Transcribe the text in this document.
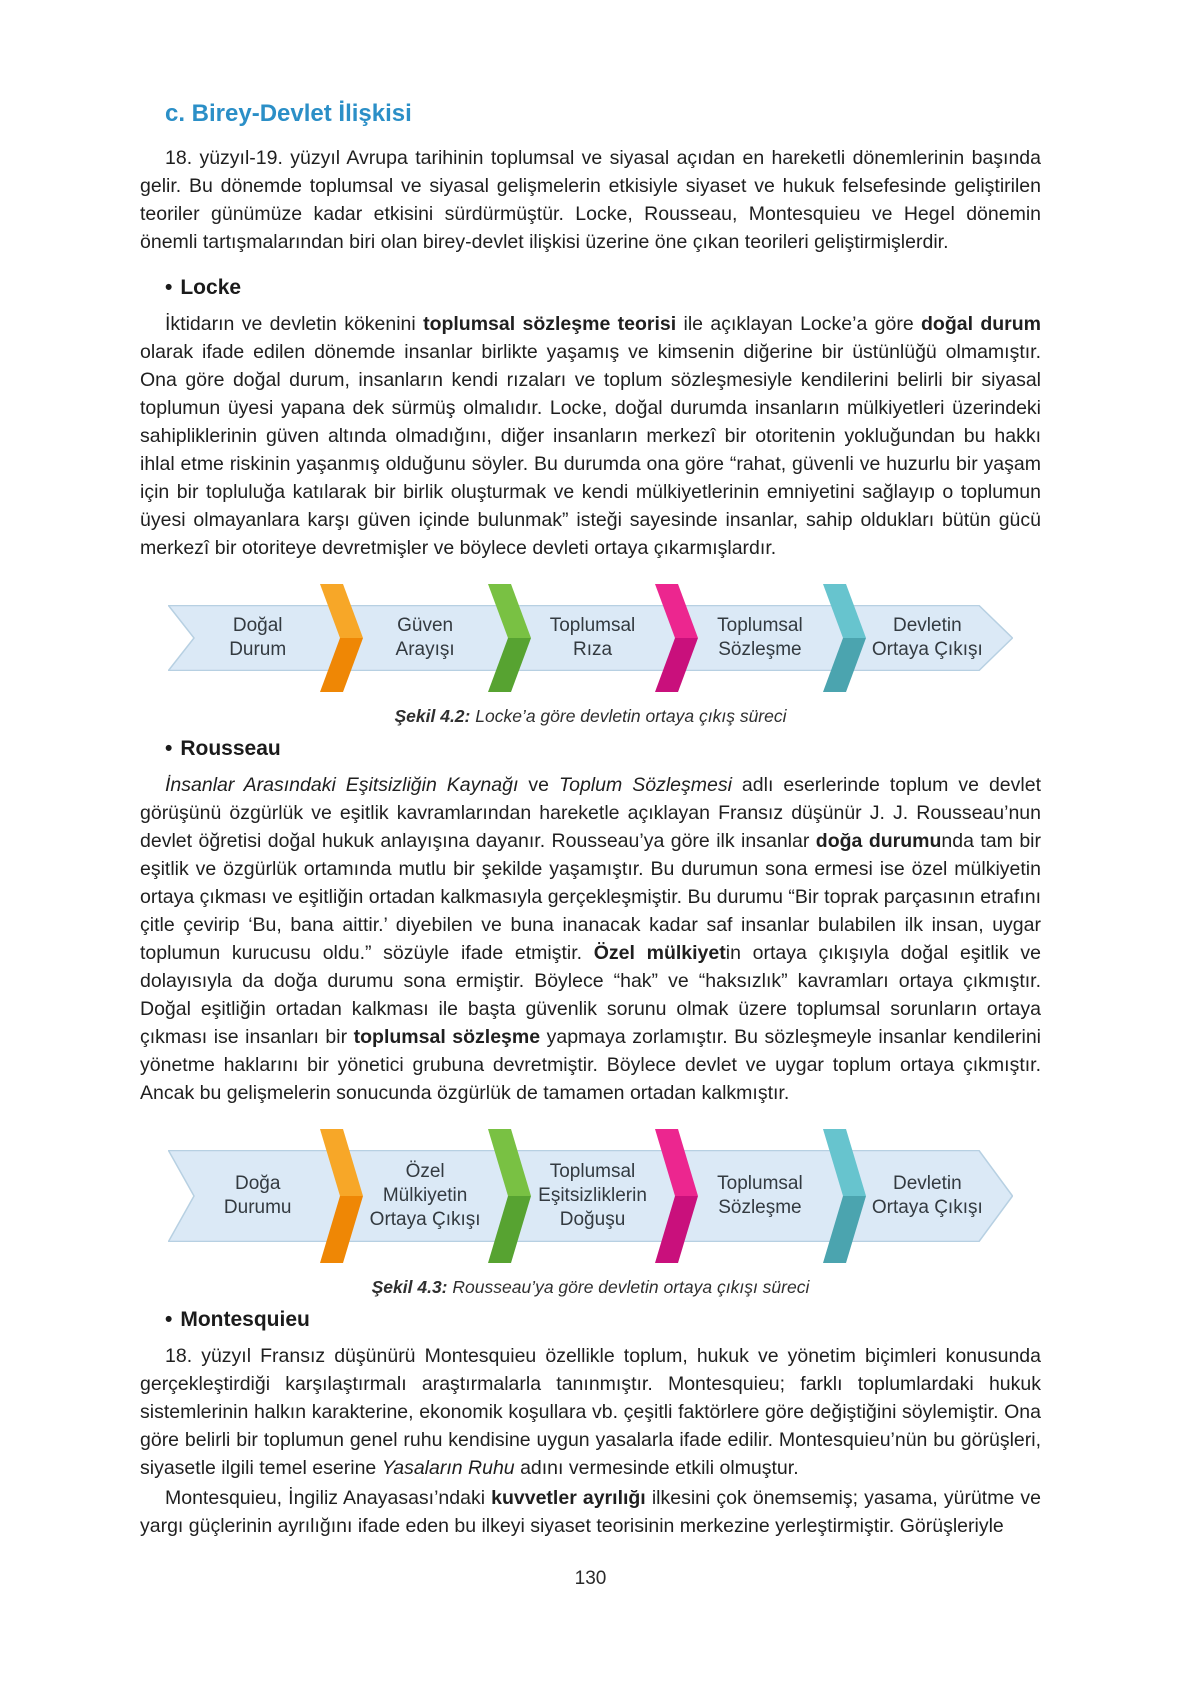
c. Birey-Devlet İlişkisi

18. yüzyıl-19. yüzyıl Avrupa tarihinin toplumsal ve siyasal açıdan en hareketli dönemlerinin başında gelir. Bu dönemde toplumsal ve siyasal gelişmelerin etkisiyle siyaset ve hukuk felsefesinde geliştirilen teoriler günümüze kadar etkisini sürdürmüştür. Locke, Rousseau, Montesquieu ve Hegel dönemin önemli tartışmalarından biri olan birey-devlet ilişkisi üzerine öne çıkan teorileri geliştirmişlerdir.

• Locke

İktidarın ve devletin kökenini toplumsal sözleşme teorisi ile açıklayan Locke’a göre doğal durum olarak ifade edilen dönemde insanlar birlikte yaşamış ve kimsenin diğerine bir üstünlüğü olmamıştır. Ona göre doğal durum, insanların kendi rızaları ve toplum sözleşmesiyle kendilerini belirli bir siyasal toplumun üyesi yapana dek sürmüş olmalıdır. Locke, doğal durumda insanların mülkiyetleri üzerindeki sahipliklerinin güven altında olmadığını, diğer insanların merkezî bir otoritenin yokluğundan bu hakkı ihlal etme riskinin yaşanmış olduğunu söyler. Bu durumda ona göre “rahat, güvenli ve huzurlu bir yaşam için bir topluluğa katılarak bir birlik oluşturmak ve kendi mülkiyetlerinin emniyetini sağlayıp o toplumun üyesi olmayanlara karşı güven içinde bulunmak” isteği sayesinde insanlar, sahip oldukları bütün gücü merkezî bir otoriteye devretmişler ve böylece devleti ortaya çıkarmışlardır.

Doğal Durum
Güven Arayışı
Toplumsal Rıza
Toplumsal Sözleşme
Devletin Ortaya Çıkışı
Şekil 4.2: Locke’a göre devletin ortaya çıkış süreci
• Rousseau

İnsanlar Arasındaki Eşitsizliğin Kaynağı ve Toplum Sözleşmesi adlı eserlerinde toplum ve devlet görüşünü özgürlük ve eşitlik kavramlarından hareketle açıklayan Fransız düşünür J. J. Rousseau’nun devlet öğretisi doğal hukuk anlayışına dayanır. Rousseau’ya göre ilk insanlar doğa durumunda tam bir eşitlik ve özgürlük ortamında mutlu bir şekilde yaşamıştır. Bu durumun sona ermesi ise özel mülkiyetin ortaya çıkması ve eşitliğin ortadan kalkmasıyla gerçekleşmiştir. Bu durumu “Bir toprak parçasının etrafını çitle çevirip ‘Bu, bana aittir.’ diyebilen ve buna inanacak kadar saf insanlar bulabilen ilk insan, uygar toplumun kurucusu oldu.” sözüyle ifade etmiştir. Özel mülkiyetin ortaya çıkışıyla doğal eşitlik ve dolayısıyla da doğa durumu sona ermiştir. Böylece “hak” ve “haksızlık” kavramları ortaya çıkmıştır. Doğal eşitliğin ortadan kalkması ile başta güvenlik sorunu olmak üzere toplumsal sorunların ortaya çıkması ise insanları bir toplumsal sözleşme yapmaya zorlamıştır. Bu sözleşmeyle insanlar kendilerini yönetme haklarını bir yönetici grubuna devretmiştir. Böylece devlet ve uygar toplum ortaya çıkmıştır. Ancak bu gelişmelerin sonucunda özgürlük de tamamen ortadan kalkmıştır.

Doğa Durumu
Özel Mülkiyetin Ortaya Çıkışı
Toplumsal Eşitsizliklerin Doğuşu
Toplumsal Sözleşme
Devletin Ortaya Çıkışı
Şekil 4.3: Rousseau’ya göre devletin ortaya çıkışı süreci
• Montesquieu

18. yüzyıl Fransız düşünürü Montesquieu özellikle toplum, hukuk ve yönetim biçimleri konusunda gerçekleştirdiği karşılaştırmalı araştırmalarla tanınmıştır. Montesquieu; farklı toplumlardaki hukuk sistemlerinin halkın karakterine, ekonomik koşullara vb. çeşitli faktörlere göre değiştiğini söylemiştir. Ona göre belirli bir toplumun genel ruhu kendisine uygun yasalarla ifade edilir. Montesquieu’nün bu görüşleri, siyasetle ilgili temel eserine Yasaların Ruhu adını vermesinde etkili olmuştur.

Montesquieu, İngiliz Anayasası’ndaki kuvvetler ayrılığı ilkesini çok önemsemiş; yasama, yürütme ve yargı güçlerinin ayrılığını ifade eden bu ilkeyi siyaset teorisinin merkezine yerleştirmiştir. Görüşleriyle

130
